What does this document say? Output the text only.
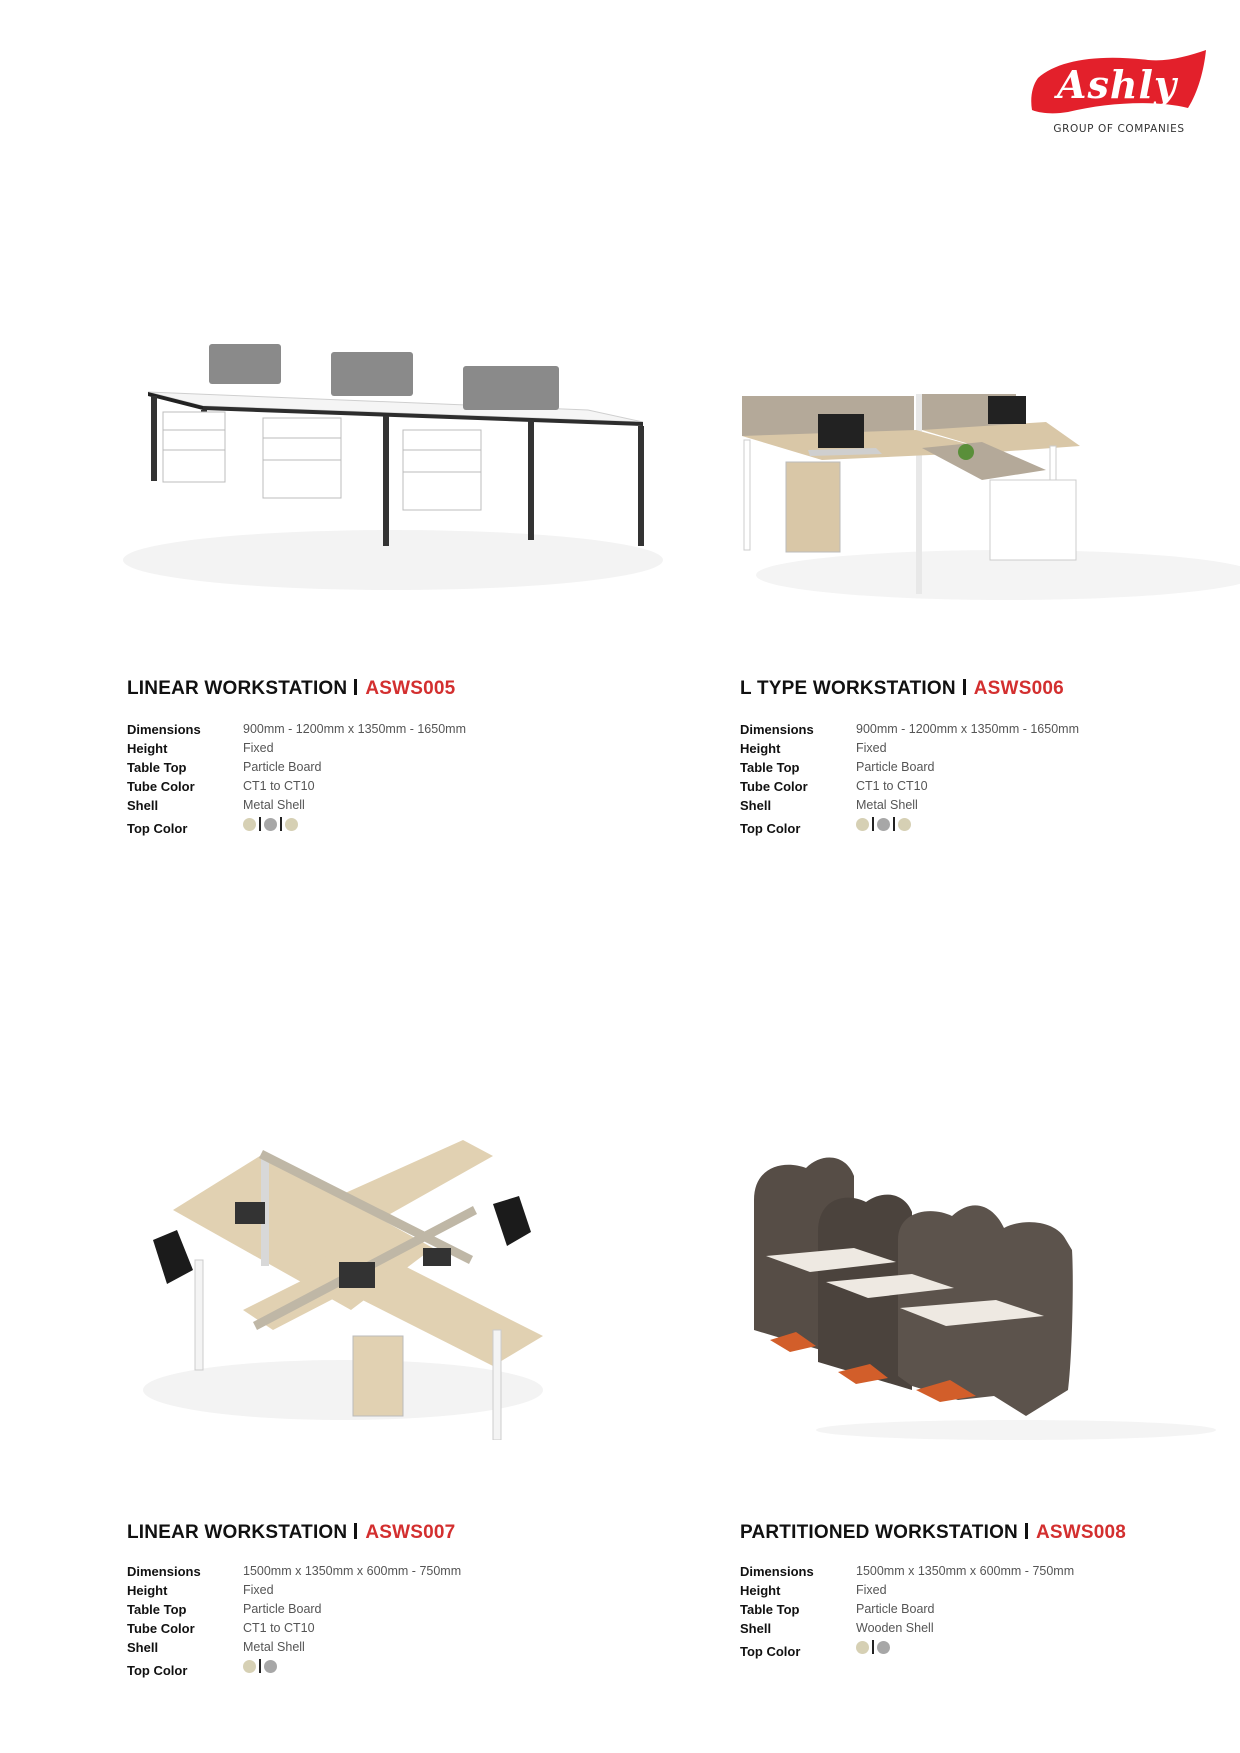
Ashly
GROUP OF COMPANIES
LINEAR WORKSTATION ASWS005
Dimensions	900mm - 1200mm x 1350mm - 1650mm
Height	Fixed
Table Top	Particle Board
Tube Color	CT1 to CT10
Shell	Metal Shell
Top Color
L TYPE WORKSTATION ASWS006
Dimensions	900mm - 1200mm x 1350mm - 1650mm
Height	Fixed
Table Top	Particle Board
Tube Color	CT1 to CT10
Shell	Metal Shell
Top Color
LINEAR WORKSTATION ASWS007
Dimensions	1500mm x 1350mm x 600mm - 750mm
Height	Fixed
Table Top	Particle Board
Tube Color	CT1 to CT10
Shell	Metal Shell
Top Color
PARTITIONED WORKSTATION ASWS008
Dimensions	1500mm x 1350mm x 600mm - 750mm
Height	Fixed
Table Top	Particle Board
Shell	Wooden Shell
Top Color
